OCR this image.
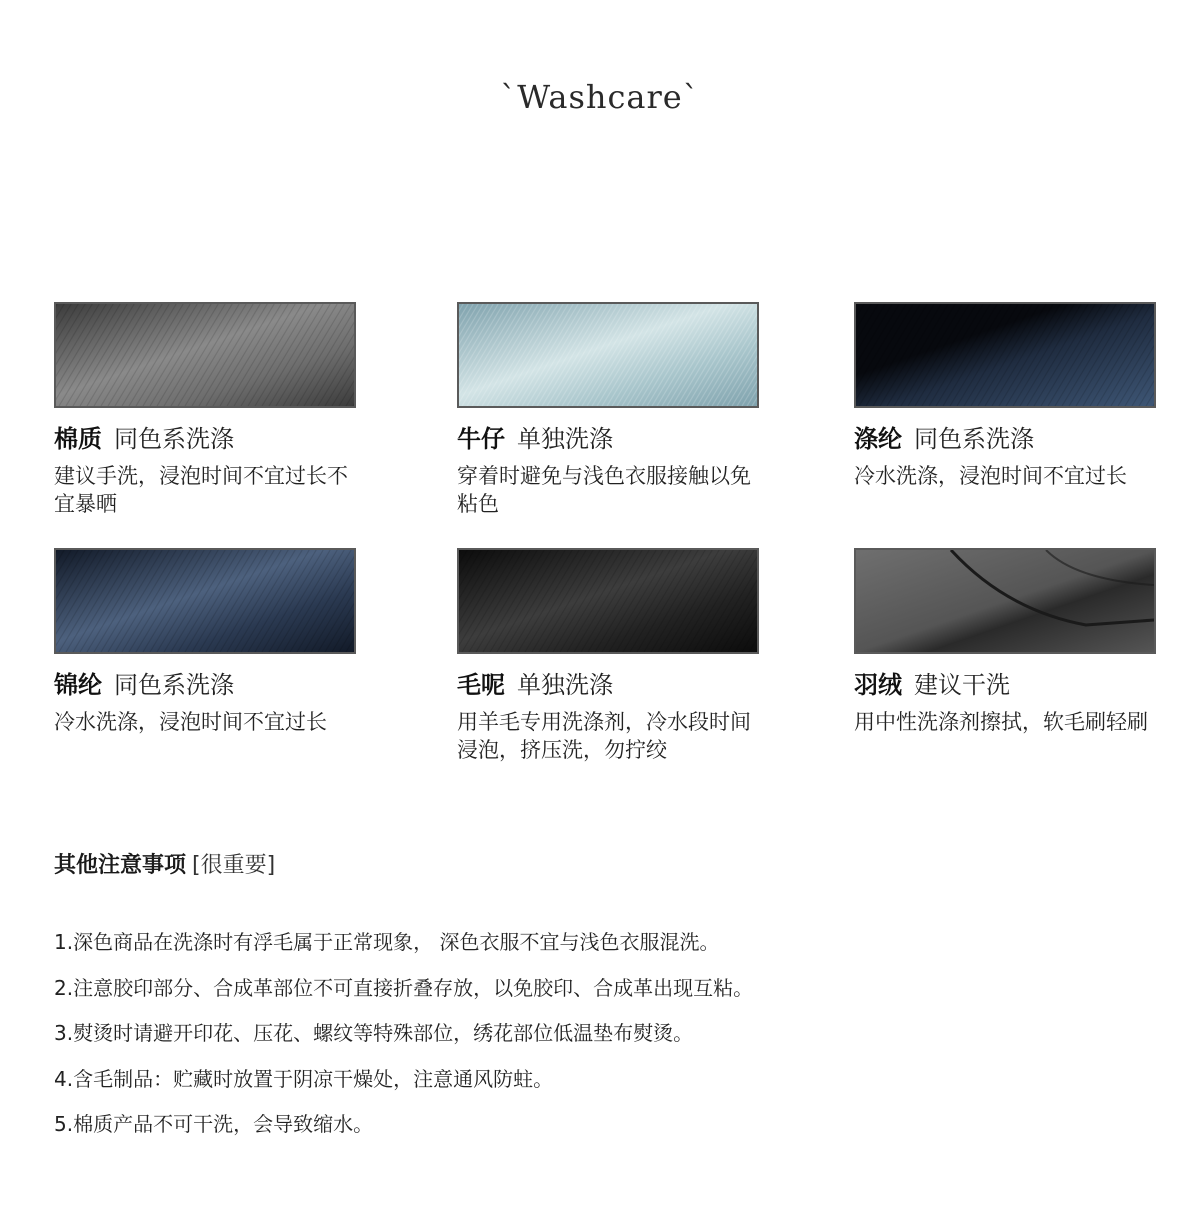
`Washcare`
棉质 同色系洗涤
建议手洗，浸泡时间不宜过长不宜暴晒
牛仔 单独洗涤
穿着时避免与浅色衣服接触以免粘色
涤纶 同色系洗涤
冷水洗涤，浸泡时间不宜过长
锦纶 同色系洗涤
冷水洗涤，浸泡时间不宜过长
毛呢 单独洗涤
用羊毛专用洗涤剂，冷水段时间浸泡，挤压洗，勿拧绞
羽绒 建议干洗
用中性洗涤剂擦拭，软毛刷轻刷
其他注意事项 [很重要]
1.深色商品在洗涤时有浮毛属于正常现象， 深色衣服不宜与浅色衣服混洗。
2.注意胶印部分、合成革部位不可直接折叠存放，以免胶印、合成革出现互粘。
3.熨烫时请避开印花、压花、螺纹等特殊部位，绣花部位低温垫布熨烫。
4.含毛制品：贮藏时放置于阴凉干燥处，注意通风防蛀。
5.棉质产品不可干洗，会导致缩水。
